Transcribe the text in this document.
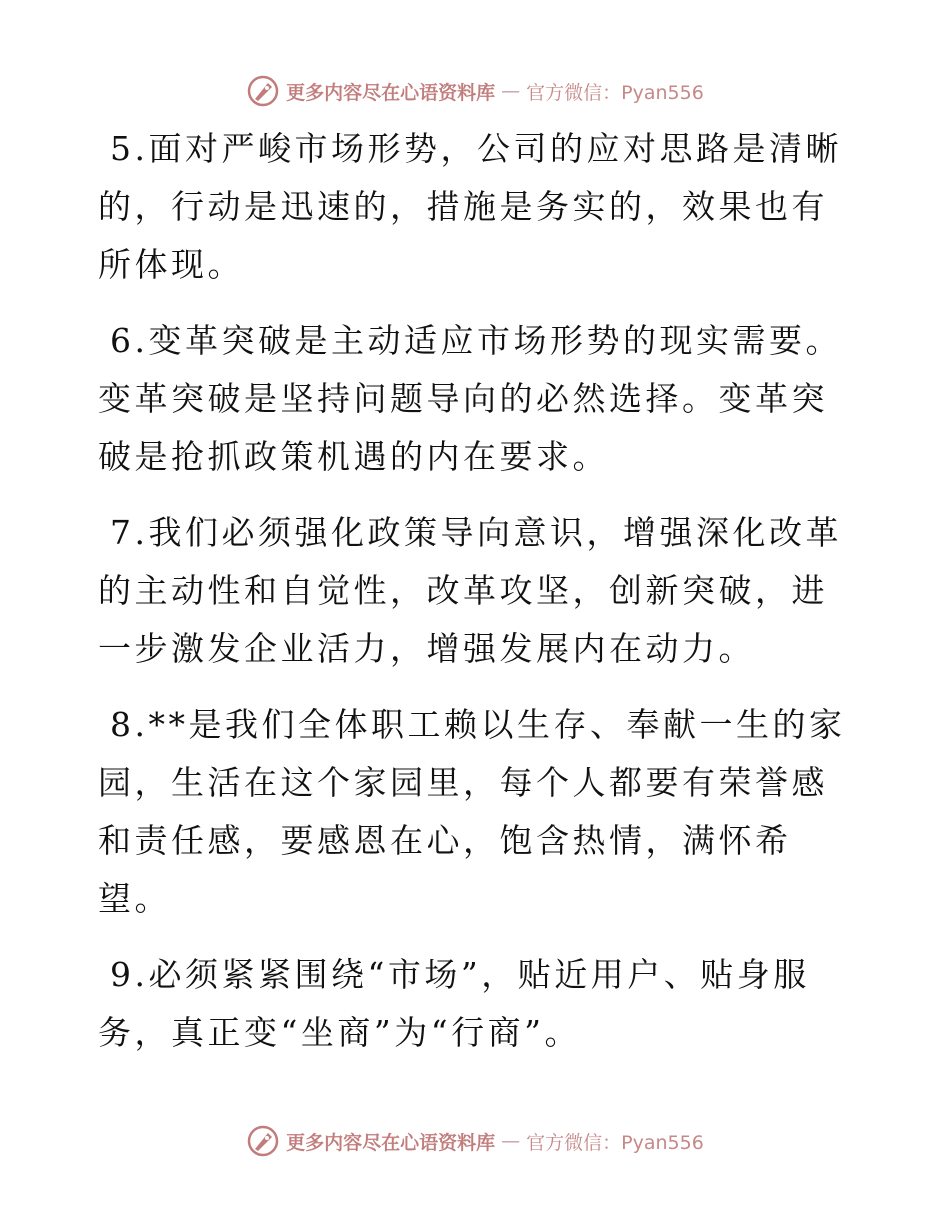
更多内容尽在心语资料库 — 官方微信：Pyan556

5.面对严峻市场形势，公司的应对思路是清晰的，行动是迅速的，措施是务实的，效果也有所体现。

6.变革突破是主动适应市场形势的现实需要。变革突破是坚持问题导向的必然选择。变革突破是抢抓政策机遇的内在要求。

7.我们必须强化政策导向意识，增强深化改革的主动性和自觉性，改革攻坚，创新突破，进一步激发企业活力，增强发展内在动力。

8.**是我们全体职工赖以生存、奉献一生的家园，生活在这个家园里，每个人都要有荣誉感和责任感，要感恩在心，饱含热情，满怀希望。

9.必须紧紧围绕“市场”，贴近用户、贴身服务，真正变“坐商”为“行商”。

更多内容尽在心语资料库 — 官方微信：Pyan556
